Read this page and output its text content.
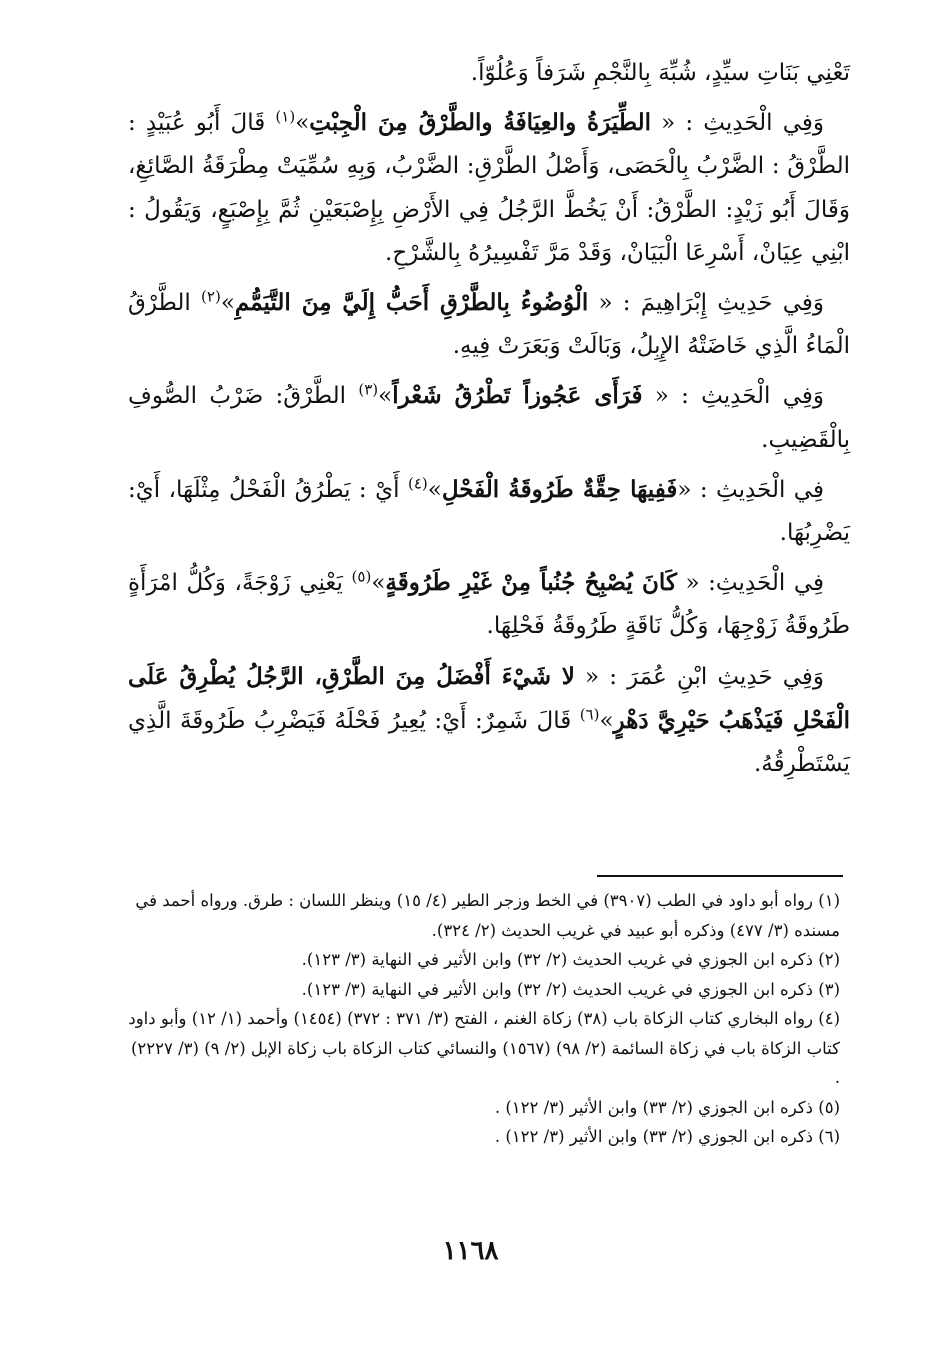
تَعْنِي بَنَاتِ سيِّدٍ، شُبِّهَ بِالنَّجْمِ شَرَفاً وَعُلُوّاً.

وَفِي الْحَدِيثِ : « الطِّيَرَةُ والعِيَافَةُ والطَّرْقُ مِنَ الْجِبْتِ»$^{(١)}$ قَالَ أَبُو عُبَيْدٍ : الطَّرْقُ : الضَّرْبُ بِالْحَصَى، وَأَصْلُ الطَّرْقِ: الضَّرْبُ، وَبِهِ سُمِّيَتْ مِطْرَقَةُ الصَّائِغِ، وَقَالَ أَبُو زَيْدٍ: الطَّرْقُ: أَنْ يَخُطَّ الرَّجُلُ فِي الأَرْضِ بِإِصْبَعَيْنِ ثُمَّ بِإِصْبَعٍ، وَيَقُولُ : ابْنِي عِيَانْ، أَسْرِعَا الْبَيَانْ، وَقَدْ مَرَّ تَفْسِيرُهُ بِالشَّرْحِ.

وَفِي حَدِيثِ إِبْرَاهِيمَ : « الْوُضُوءُ بِالطَّرْقِ أَحَبُّ إِلَيَّ مِنَ التَّيَمُّمِ»$^{(٢)}$ الطَّرْقُ الْمَاءُ الَّذِي خَاضَتْهُ الإِبِلُ، وَبَالَتْ وَبَعَرَتْ فِيهِ.

وَفِي الْحَدِيثِ : « فَرَأَى عَجُوزاً تَطْرُقُ شَعْراً»$^{(٣)}$ الطَّرْقُ: ضَرْبُ الصُّوفِ بِالْقَضِيبِ.

فِي الْحَدِيثِ : «فَفِيهَا حِقَّةٌ طَرُوقَةُ الْفَحْلِ»$^{(٤)}$ أَيْ : يَطْرُقُ الْفَحْلُ مِثْلَهَا، أَيْ: يَضْرِبُهَا.

فِي الْحَدِيثِ: « كَانَ يُصْبِحُ جُنُباً مِنْ غَيْرِ طَرُوقَةٍ»$^{(٥)}$ يَعْنِي زَوْجَةً، وَكُلُّ امْرَأَةٍ طَرُوقَةُ زَوْجِهَا، وَكُلُّ نَاقَةٍ طَرُوقَةُ فَحْلِهَا.

وَفِي حَدِيثِ ابْنِ عُمَرَ : « لا شَيْءَ أَفْضَلُ مِنَ الطَّرْقِ، الرَّجُلُ يُطْرِقُ عَلَى الْفَحْلِ فَيَذْهَبُ حَيْرِيَّ دَهْرٍ»$^{(٦)}$ قَالَ شَمِرٌ: أَيْ: يُعِيرُ فَحْلَهُ فَيَضْرِبُ طَرُوقَةَ الَّذِي يَسْتَطْرِقُهُ.

(١) رواه أبو داود في الطب (٣٩٠٧) في الخط وزجر الطير (٤/ ١٥) وينظر اللسان : طرق. ورواه أحمد في مسنده (٣/ ٤٧٧) وذكره أبو عبيد في غريب الحديث (٢/ ٣٢٤).

(٢) ذكره ابن الجوزي في غريب الحديث (٢/ ٣٢) وابن الأثير في النهاية (٣/ ١٢٣).

(٣) ذكره ابن الجوزي في غريب الحديث (٢/ ٣٢) وابن الأثير في النهاية (٣/ ١٢٣).

(٤) رواه البخاري كتاب الزكاة باب (٣٨) زكاة الغنم ، الفتح (٣/ ٣٧١ : ٣٧٢) (١٤٥٤) وأحمد (١/ ١٢) وأبو داود كتاب الزكاة باب في زكاة السائمة (٢/ ٩٨) (١٥٦٧) والنسائي كتاب الزكاة باب زكاة الإبل (٢/ ٩) (٣/ ٢٢٢٧) .

(٥) ذكره ابن الجوزي (٢/ ٣٣) وابن الأثير (٣/ ١٢٢) .

(٦) ذكره ابن الجوزي (٢/ ٣٣) وابن الأثير (٣/ ١٢٢) .

١١٦٨
